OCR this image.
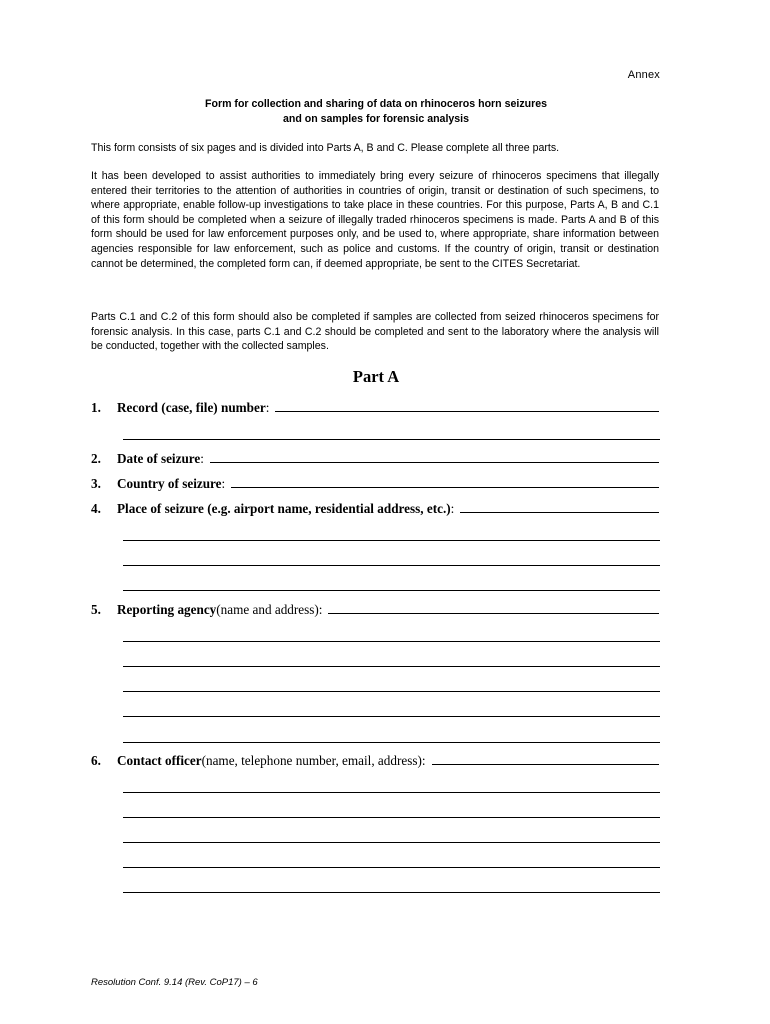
Annex
Form for collection and sharing of data on rhinoceros horn seizures
and on samples for forensic analysis
This form consists of six pages and is divided into Parts A, B and C. Please complete all three parts.
It has been developed to assist authorities to immediately bring every seizure of rhinoceros specimens that illegally entered their territories to the attention of authorities in countries of origin, transit or destination of such specimens, to where appropriate, enable follow-up investigations to take place in these countries. For this purpose, Parts A, B and C.1 of this form should be completed when a seizure of illegally traded rhinoceros specimens is made. Parts A and B of this form should be used for law enforcement purposes only, and be used to, where appropriate, share information between agencies responsible for law enforcement, such as police and customs. If the country of origin, transit or destination cannot be determined, the completed form can, if deemed appropriate, be sent to the CITES Secretariat.
Parts C.1 and C.2 of this form should also be completed if samples are collected from seized rhinoceros specimens for forensic analysis. In this case, parts C.1 and C.2 should be completed and sent to the laboratory where the analysis will be conducted, together with the collected samples.
Part A
1.	Record (case, file) number :
2.	Date of seizure :
3.	Country of seizure :
4.	Place of seizure (e.g. airport name, residential address, etc.) :
5.	Reporting agency (name and address) :
6.	Contact officer (name, telephone number, email, address) :
Resolution Conf. 9.14 (Rev. CoP17) – 6
